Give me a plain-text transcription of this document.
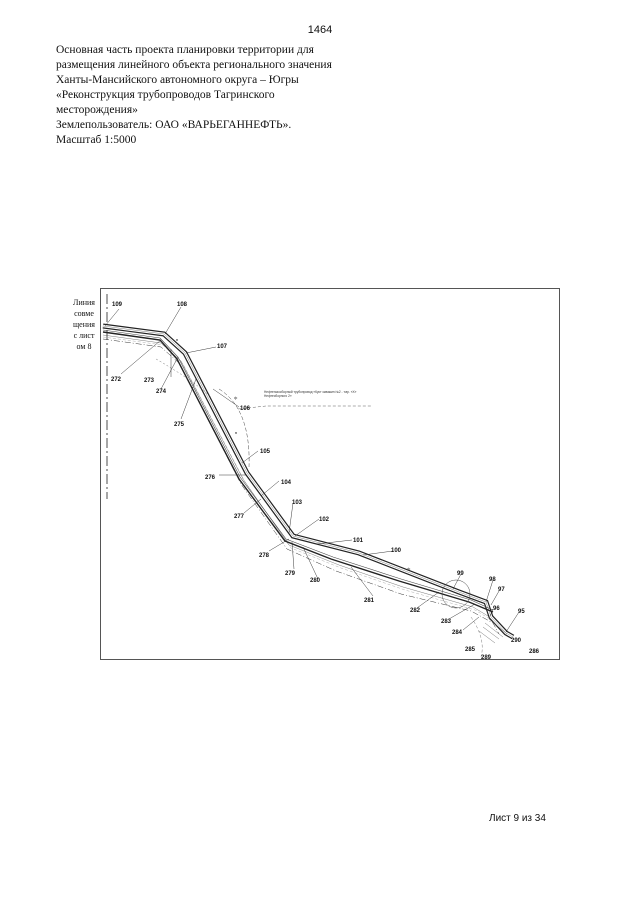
1464
Основная часть проекта планировки территории для
размещения линейного объекта регионального значения
Ханты-Мансийского автономного округа – Югры
«Реконструкция трубопроводов Тагринского
месторождения»
Землепользователь: ОАО «ВАРЬЕГАННЕФТЬ».
Масштаб 1:5000
Нефтегазосборный трубопровод «Куст скважин №2 - т.вр. «Х» Нефтесборного 2»
в
ф
в
ф
109	108
107
106
105
104
103
102
101
100
99
98
97
96	95
290
286
289
285
272	273
274
275
276
277
278
279
280
281
282
283
284
Линия совмещения с листом 8
Лист 9 из 34
